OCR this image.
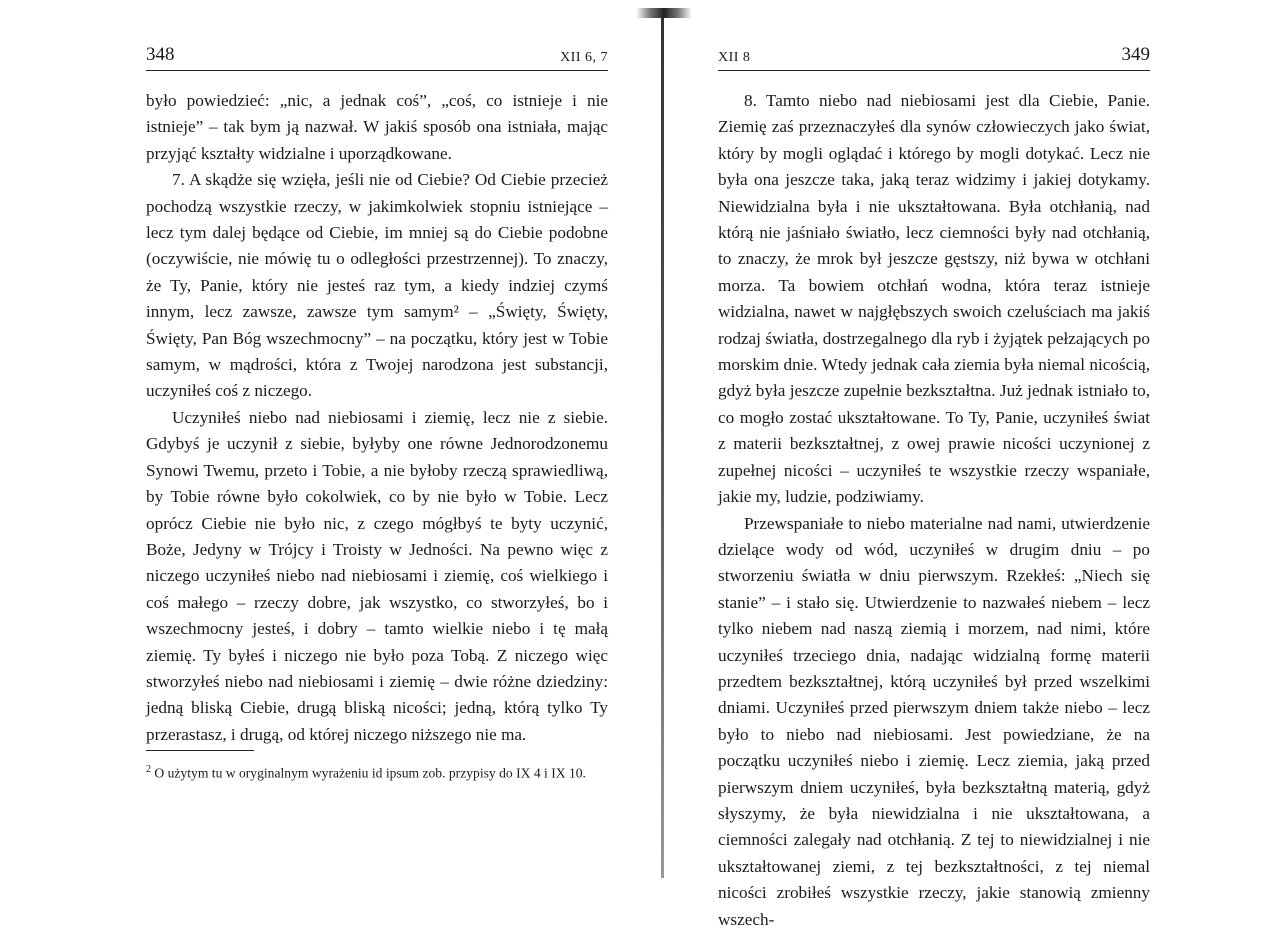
348	XII 6, 7

było powiedzieć: „nic, a jednak coś”, „coś, co istnieje i nie istnieje” – tak bym ją nazwał. W jakiś sposób ona istniała, mając przyjąć kształty widzialne i uporządkowane.

7. A skądże się wzięła, jeśli nie od Ciebie? Od Ciebie przecież pochodzą wszystkie rzeczy, w jakimkolwiek stopniu istniejące – lecz tym dalej będące od Ciebie, im mniej są do Ciebie podobne (oczywiście, nie mówię tu o odległości przestrzennej). To znaczy, że Ty, Panie, który nie jesteś raz tym, a kiedy indziej czymś innym, lecz zawsze, zawsze tym samym² – „Święty, Święty, Święty, Pan Bóg wszechmocny” – na początku, który jest w Tobie samym, w mądrości, która z Twojej narodzona jest substancji, uczyniłeś coś z niczego.

Uczyniłeś niebo nad niebiosami i ziemię, lecz nie z siebie. Gdybyś je uczynił z siebie, byłyby one równe Jednorodzonemu Synowi Twemu, przeto i Tobie, a nie byłoby rzeczą sprawiedliwą, by Tobie równe było cokolwiek, co by nie było w Tobie. Lecz oprócz Ciebie nie było nic, z czego mógłbyś te byty uczynić, Boże, Jedyny w Trójcy i Troisty w Jedności. Na pewno więc z niczego uczyniłeś niebo nad niebiosami i ziemię, coś wielkiego i coś małego – rzeczy dobre, jak wszystko, co stworzyłeś, bo i wszechmocny jesteś, i dobry – tamto wielkie niebo i tę małą ziemię. Ty byłeś i niczego nie było poza Tobą. Z niczego więc stworzyłeś niebo nad niebiosami i ziemię – dwie różne dziedziny: jedną bliską Ciebie, drugą bliską nicości; jedną, którą tylko Ty przerastasz, i drugą, od której niczego niższego nie ma.

$^2$ O użytym tu w oryginalnym wyrażeniu id ipsum zob. przypisy do IX 4 i IX 10.

XII 8	349

8. Tamto niebo nad niebiosami jest dla Ciebie, Panie. Ziemię zaś przeznaczyłeś dla synów człowieczych jako świat, który by mogli oglądać i którego by mogli dotykać. Lecz nie była ona jeszcze taka, jaką teraz widzimy i jakiej dotykamy. Niewidzialna była i nie ukształtowana. Była otchłanią, nad którą nie jaśniało światło, lecz ciemności były nad otchłanią, to znaczy, że mrok był jeszcze gęstszy, niż bywa w otchłani morza. Ta bowiem otchłań wodna, która teraz istnieje widzialna, nawet w najgłębszych swoich czeluściach ma jakiś rodzaj światła, dostrzegalnego dla ryb i żyjątek pełzających po morskim dnie. Wtedy jednak cała ziemia była niemal nicością, gdyż była jeszcze zupełnie bezkształtna. Już jednak istniało to, co mogło zostać ukształtowane. To Ty, Panie, uczyniłeś świat z materii bezkształtnej, z owej prawie nicości uczynionej z zupełnej nicości – uczyniłeś te wszystkie rzeczy wspaniałe, jakie my, ludzie, podziwiamy.

Przewspaniałe to niebo materialne nad nami, utwierdzenie dzielące wody od wód, uczyniłeś w drugim dniu – po stworzeniu światła w dniu pierwszym. Rzekłeś: „Niech się stanie” – i stało się. Utwierdzenie to nazwałeś niebem – lecz tylko niebem nad naszą ziemią i morzem, nad nimi, które uczyniłeś trzeciego dnia, nadając widzialną formę materii przedtem bezkształtnej, którą uczyniłeś był przed wszelkimi dniami. Uczyniłeś przed pierwszym dniem także niebo – lecz było to niebo nad niebiosami. Jest powiedziane, że na początku uczyniłeś niebo i ziemię. Lecz ziemia, jaką przed pierwszym dniem uczyniłeś, była bezkształtną materią, gdyż słyszymy, że była niewidzialna i nie ukształtowana, a ciemności zalegały nad otchłanią. Z tej to niewidzialnej i nie ukształtowanej ziemi, z tej bezkształtności, z tej niemal nicości zrobiłeś wszystkie rzeczy, jakie stanowią zmienny wszech-
